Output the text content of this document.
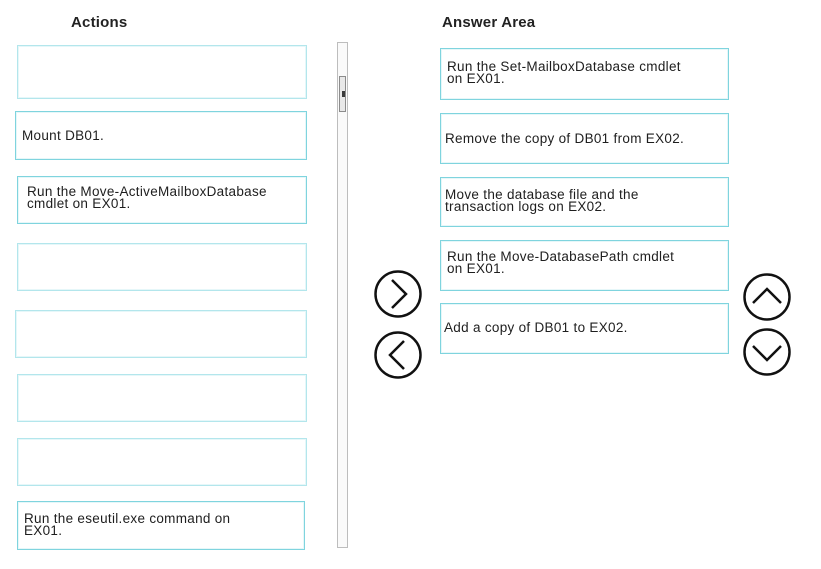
Actions	Answer Area
Mount DB01.
Run the Move-ActiveMailboxDatabase
cmdlet on EX01.
Run the eseutil.exe command on
EX01.
Run the Set-MailboxDatabase cmdlet
on EX01.
Remove the copy of DB01 from EX02.
Move the database file and the
transaction logs on EX02.
Run the Move-DatabasePath cmdlet
on EX01.
Add a copy of DB01 to EX02.
